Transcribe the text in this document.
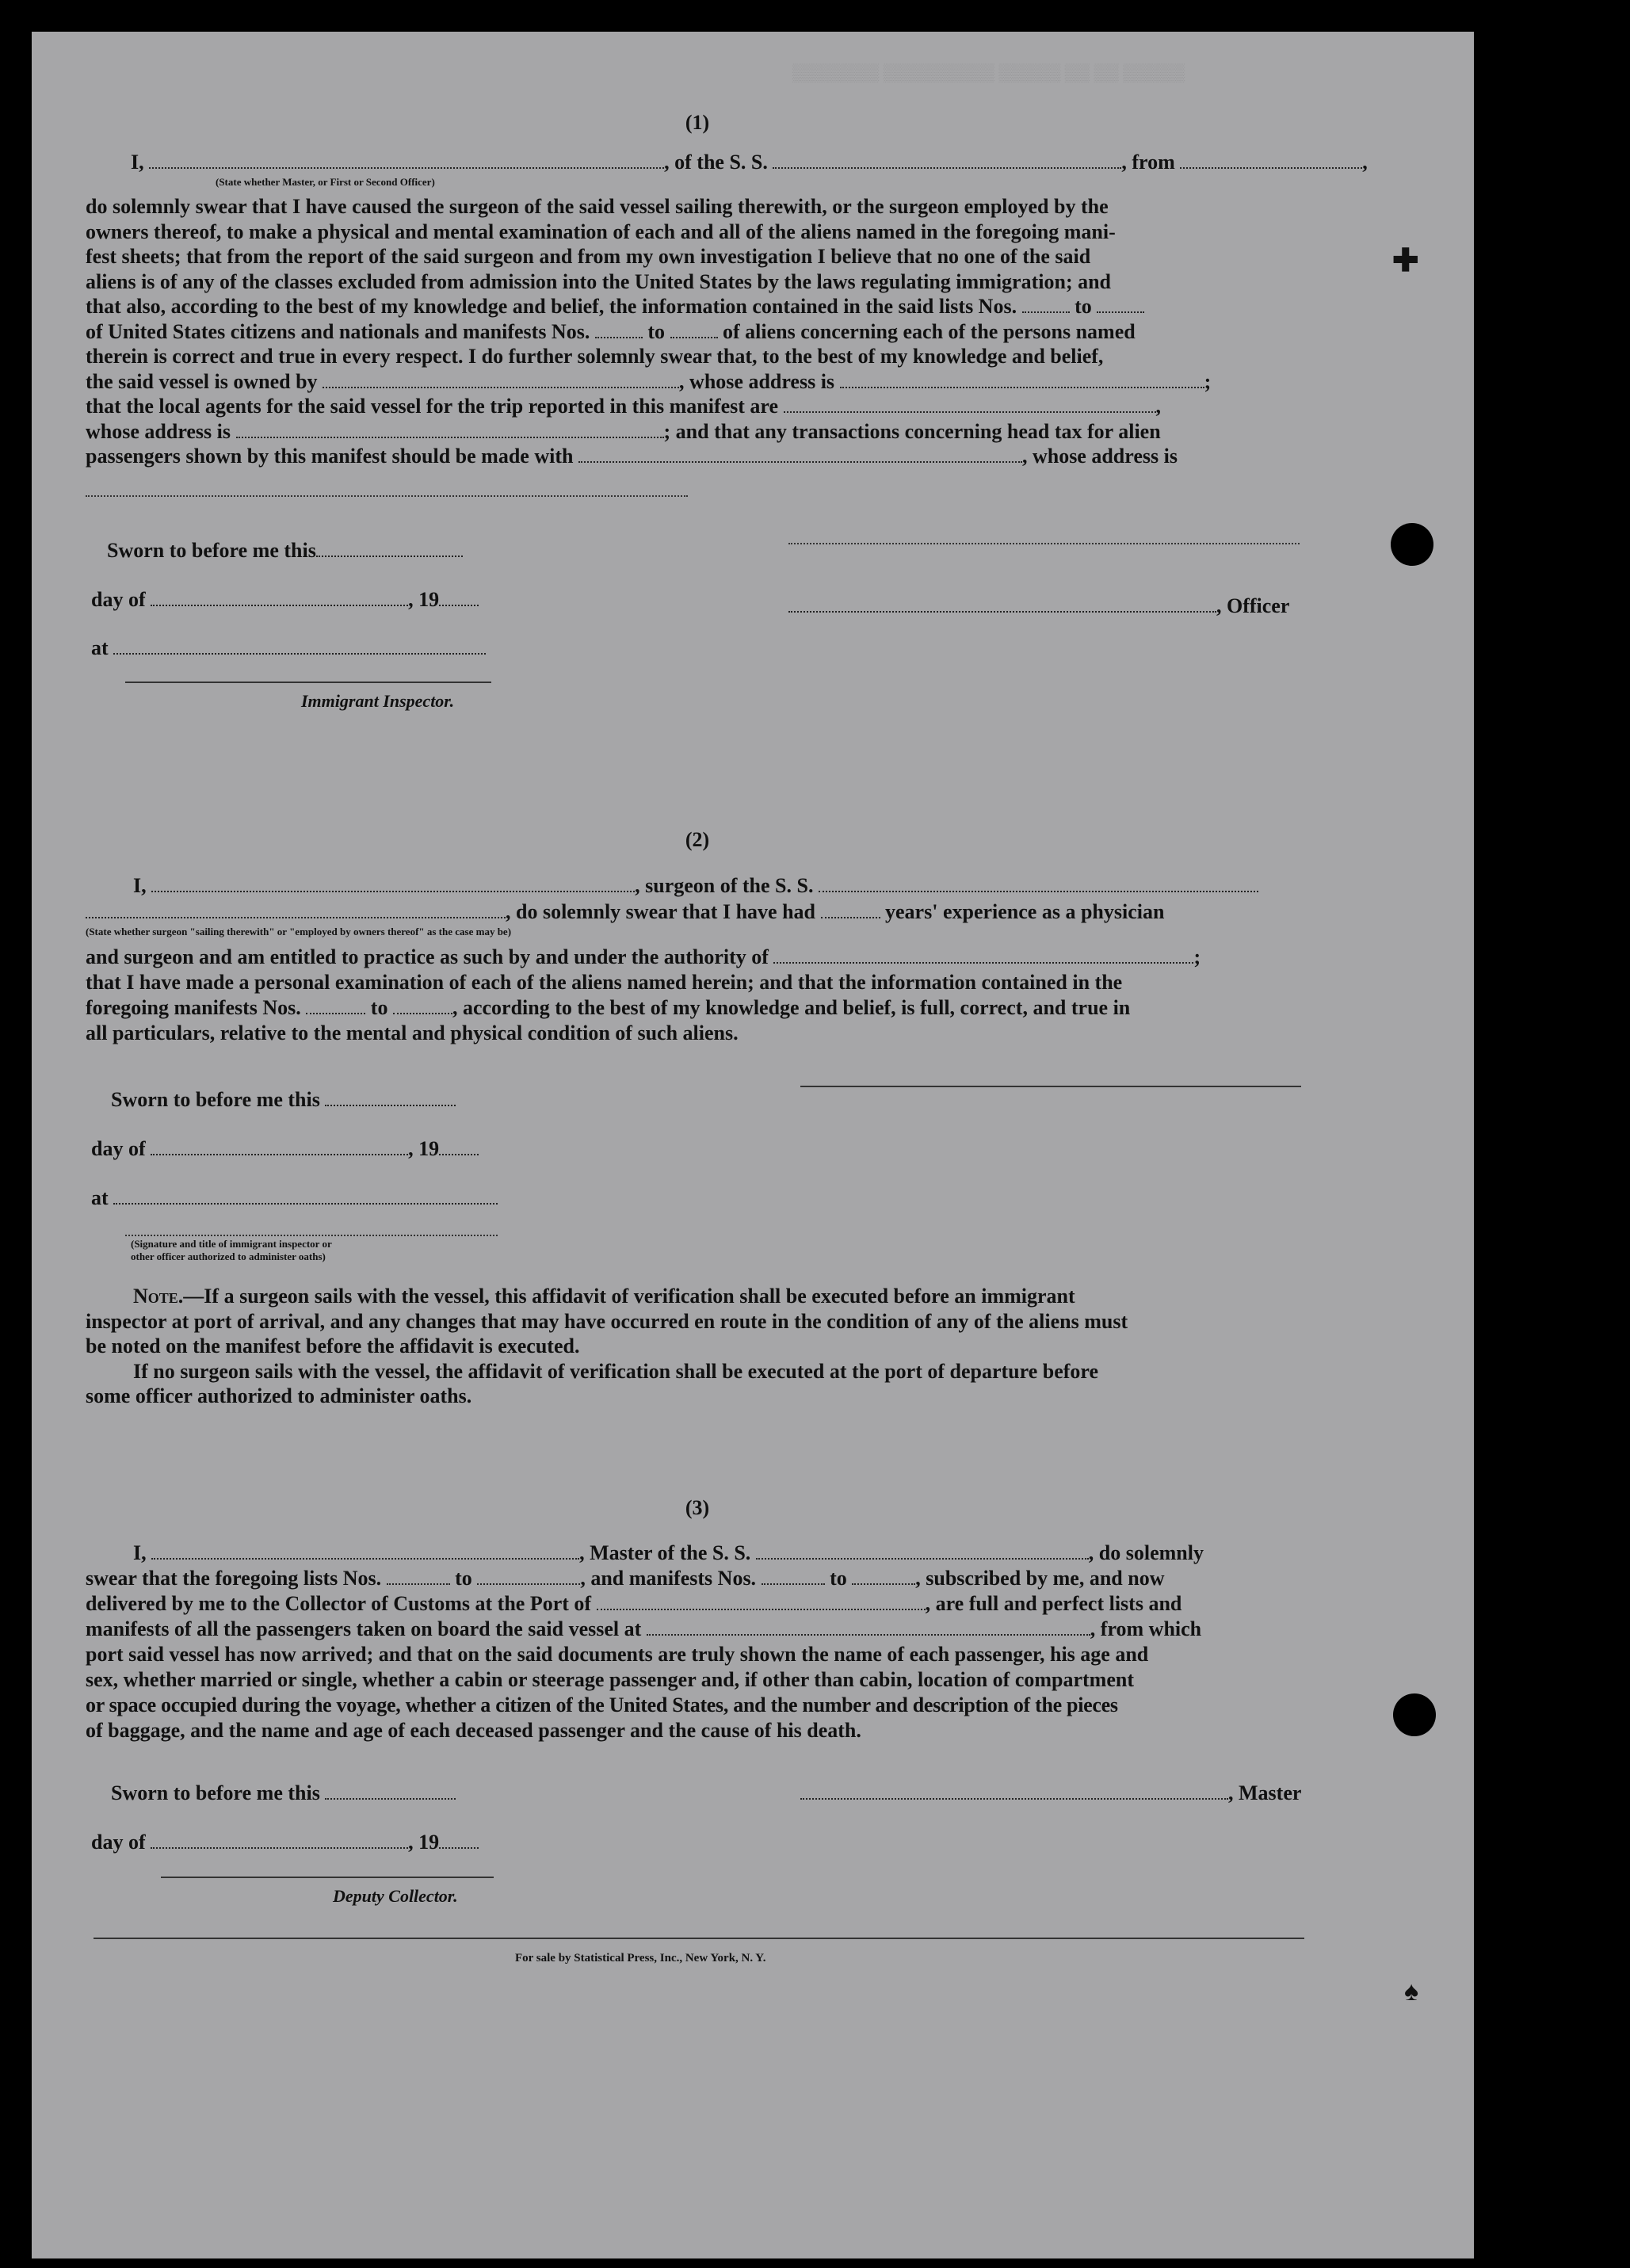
▒▒▒▒▒ ▒▒ ▒▒ ▒▒▒▒▒ ▒▒▒▒▒▒▒▒▒ ▒▒▒▒▒▒▒
(1)
I,	, of the S. S.	, from	,
(State whether Master, or First or Second Officer)
do solemnly swear that I have caused the surgeon of the said vessel sailing therewith, or the surgeon employed by the
owners thereof, to make a physical and mental examination of each and all of the aliens named in the foregoing mani-
fest sheets; that from the report of the said surgeon and from my own investigation I believe that no one of the said
aliens is of any of the classes excluded from admission into the United States by the laws regulating immigration; and
that also, according to the best of my knowledge and belief, the information contained in the said lists Nos.	to
of United States citizens and nationals and manifests Nos.	to	of aliens concerning each of the persons named
therein is correct and true in every respect. I do further solemnly swear that, to the best of my knowledge and belief,
the said vessel is owned by	, whose address is	;
that the local agents for the said vessel for the trip reported in this manifest are	,
whose address is	; and that any transactions concerning head tax for alien
passengers shown by this manifest should be made with	, whose address is
Sworn to before me this
day of	, 19
at
Immigrant Inspector.
, Officer
(2)
I,	, surgeon of the S. S.
, do solemnly swear that I have had	years' experience as a physician
(State whether surgeon "sailing therewith" or "employed by owners thereof" as the case may be)
and surgeon and am entitled to practice as such by and under the authority of	;
that I have made a personal examination of each of the aliens named herein; and that the information contained in the
foregoing manifests Nos.	to	, according to the best of my knowledge and belief, is full, correct, and true in
all particulars, relative to the mental and physical condition of such aliens.
Sworn to before me this
day of	, 19
at
(Signature and title of immigrant inspector or
other officer authorized to administer oaths)
Note.—If a surgeon sails with the vessel, this affidavit of verification shall be executed before an immigrant
inspector at port of arrival, and any changes that may have occurred en route in the condition of any of the aliens must
be noted on the manifest before the affidavit is executed.
If no surgeon sails with the vessel, the affidavit of verification shall be executed at the port of departure before
some officer authorized to administer oaths.
(3)
I,	, Master of the S. S.	, do solemnly
swear that the foregoing lists Nos.	to	, and manifests Nos.	to	, subscribed by me, and now
delivered by me to the Collector of Customs at the Port of	, are full and perfect lists and
manifests of all the passengers taken on board the said vessel at	, from which
port said vessel has now arrived; and that on the said documents are truly shown the name of each passenger, his age and
sex, whether married or single, whether a cabin or steerage passenger and, if other than cabin, location of compartment
or space occupied during the voyage, whether a citizen of the United States, and the number and description of the pieces
of baggage, and the name and age of each deceased passenger and the cause of his death.
Sworn to before me this	, Master
day of	, 19
Deputy Collector.
For sale by Statistical Press, Inc., New York, N. Y.
✚
♠
